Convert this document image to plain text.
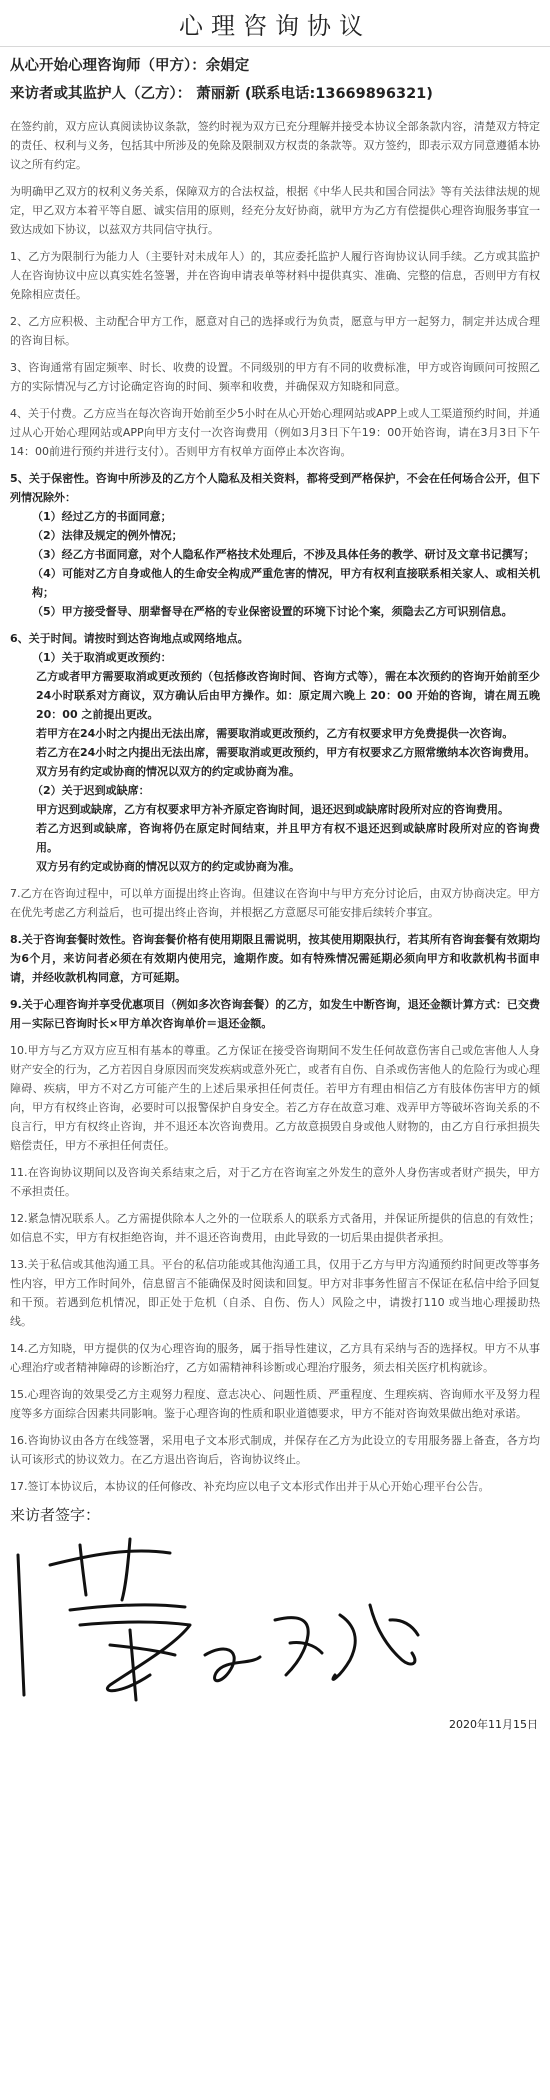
心理咨询协议
从心开始心理咨询师（甲方）：余娟定
来访者或其监护人（乙方）： 萧丽新 (联系电话:13669896321)

在签约前，双方应认真阅读协议条款，签约时视为双方已充分理解并接受本协议全部条款内容，清楚双方特定的责任、权利与义务，包括其中所涉及的免除及限制双方权责的条款等。双方签约，即表示双方同意遵循本协议之所有约定。

为明确甲乙双方的权利义务关系，保障双方的合法权益，根据《中华人民共和国合同法》等有关法律法规的规定，甲乙双方本着平等自愿、诚实信用的原则，经充分友好协商，就甲方为乙方有偿提供心理咨询服务事宜一致达成如下协议，以兹双方共同信守执行。

1、乙方为限制行为能力人（主要针对未成年人）的，其应委托监护人履行咨询协议认同手续。乙方或其监护人在咨询协议中应以真实姓名签署，并在咨询申请表单等材料中提供真实、准确、完整的信息，否则甲方有权免除相应责任。

2、乙方应积极、主动配合甲方工作，愿意对自己的选择或行为负责，愿意与甲方一起努力，制定并达成合理的咨询目标。

3、咨询通常有固定频率、时长、收费的设置。不同级别的甲方有不同的收费标准，甲方或咨询顾问可按照乙方的实际情况与乙方讨论确定咨询的时间、频率和收费，并确保双方知晓和同意。

4、关于付费。乙方应当在每次咨询开始前至少5小时在从心开始心理网站或APP上或人工渠道预约时间，并通过从心开始心理网站或APP向甲方支付一次咨询费用（例如3月3日下午19：00开始咨询，请在3月3日下午14：00前进行预约并进行支付）。否则甲方有权单方面停止本次咨询。

5、关于保密性。咨询中所涉及的乙方个人隐私及相关资料，都将受到严格保护，不会在任何场合公开，但下列情况除外：

（1）经过乙方的书面同意；

（2）法律及规定的例外情况；

（3）经乙方书面同意，对个人隐私作严格技术处理后，不涉及具体任务的教学、研讨及文章书记撰写；

（4）可能对乙方自身或他人的生命安全构成严重危害的情况，甲方有权利直接联系相关家人、或相关机构；

（5）甲方接受督导、朋辈督导在严格的专业保密设置的环境下讨论个案，须隐去乙方可识别信息。

6、关于时间。请按时到达咨询地点或网络地点。

（1）关于取消或更改预约：

乙方或者甲方需要取消或更改预约（包括修改咨询时间、咨询方式等），需在本次预约的咨询开始前至少24小时联系对方商议，双方确认后由甲方操作。如：原定周六晚上 20：00 开始的咨询，请在周五晚 20：00 之前提出更改。

若甲方在24小时之内提出无法出席，需要取消或更改预约，乙方有权要求甲方免费提供一次咨询。

若乙方在24小时之内提出无法出席，需要取消或更改预约，甲方有权要求乙方照常缴纳本次咨询费用。

双方另有约定或协商的情况以双方的约定或协商为准。

（2）关于迟到或缺席：

甲方迟到或缺席，乙方有权要求甲方补齐原定咨询时间，退还迟到或缺席时段所对应的咨询费用。

若乙方迟到或缺席，咨询将仍在原定时间结束，并且甲方有权不退还迟到或缺席时段所对应的咨询费用。

双方另有约定或协商的情况以双方的约定或协商为准。

7.乙方在咨询过程中，可以单方面提出终止咨询。但建议在咨询中与甲方充分讨论后，由双方协商决定。甲方在优先考虑乙方利益后，也可提出终止咨询，并根据乙方意愿尽可能安排后续转介事宜。

8.关于咨询套餐时效性。咨询套餐价格有使用期限且需说明，按其使用期限执行，若其所有咨询套餐有效期均为6个月，来访问者必须在有效期内使用完，逾期作废。如有特殊情况需延期必须向甲方和收款机构书面申请，并经收款机构同意，方可延期。

9.关于心理咨询并享受优惠项目（例如多次咨询套餐）的乙方，如发生中断咨询，退还金额计算方式：已交费用－实际已咨询时长×甲方单次咨询单价＝退还金额。

10.甲方与乙方双方应互相有基本的尊重。乙方保证在接受咨询期间不发生任何故意伤害自己或危害他人人身财产安全的行为，乙方若因自身原因而突发疾病或意外死亡，或者有自伤、自杀或伤害他人的危险行为或心理障碍、疾病，甲方不对乙方可能产生的上述后果承担任何责任。若甲方有理由相信乙方有肢体伤害甲方的倾向，甲方有权终止咨询，必要时可以报警保护自身安全。若乙方存在故意习难、戏弄甲方等破坏咨询关系的不良言行，甲方有权终止咨询，并不退还本次咨询费用。乙方故意损毁自身或他人财物的，由乙方自行承担损失赔偿责任，甲方不承担任何责任。

11.在咨询协议期间以及咨询关系结束之后，对于乙方在咨询室之外发生的意外人身伤害或者财产损失，甲方不承担责任。

12.紧急情况联系人。乙方需提供除本人之外的一位联系人的联系方式备用，并保证所提供的信息的有效性；如信息不实，甲方有权拒绝咨询，并不退还咨询费用，由此导致的一切后果由提供者承担。

13.关于私信或其他沟通工具。平台的私信功能或其他沟通工具，仅用于乙方与甲方沟通预约时间更改等事务性内容，甲方工作时间外，信息留言不能确保及时阅读和回复。甲方对非事务性留言不保证在私信中给予回复和干预。若遇到危机情况，即正处于危机（自杀、自伤、伤人）风险之中，请拨打110 或当地心理援助热线。

14.乙方知晓，甲方提供的仅为心理咨询的服务，属于指导性建议，乙方具有采纳与否的选择权。甲方不从事心理治疗或者精神障碍的诊断治疗，乙方如需精神科诊断或心理治疗服务，须去相关医疗机构就诊。

15.心理咨询的效果受乙方主观努力程度、意志决心、问题性质、严重程度、生理疾病、咨询师水平及努力程度等多方面综合因素共同影响。鉴于心理咨询的性质和职业道德要求，甲方不能对咨询效果做出绝对承诺。

16.咨询协议由各方在线签署，采用电子文本形式制成，并保存在乙方为此设立的专用服务器上备查，各方均认可该形式的协议效力。在乙方退出咨询后，咨询协议终止。

17.签订本协议后，本协议的任何修改、补充均应以电子文本形式作出并于从心开始心理平台公告。

来访者签字：
2020年11月15日
